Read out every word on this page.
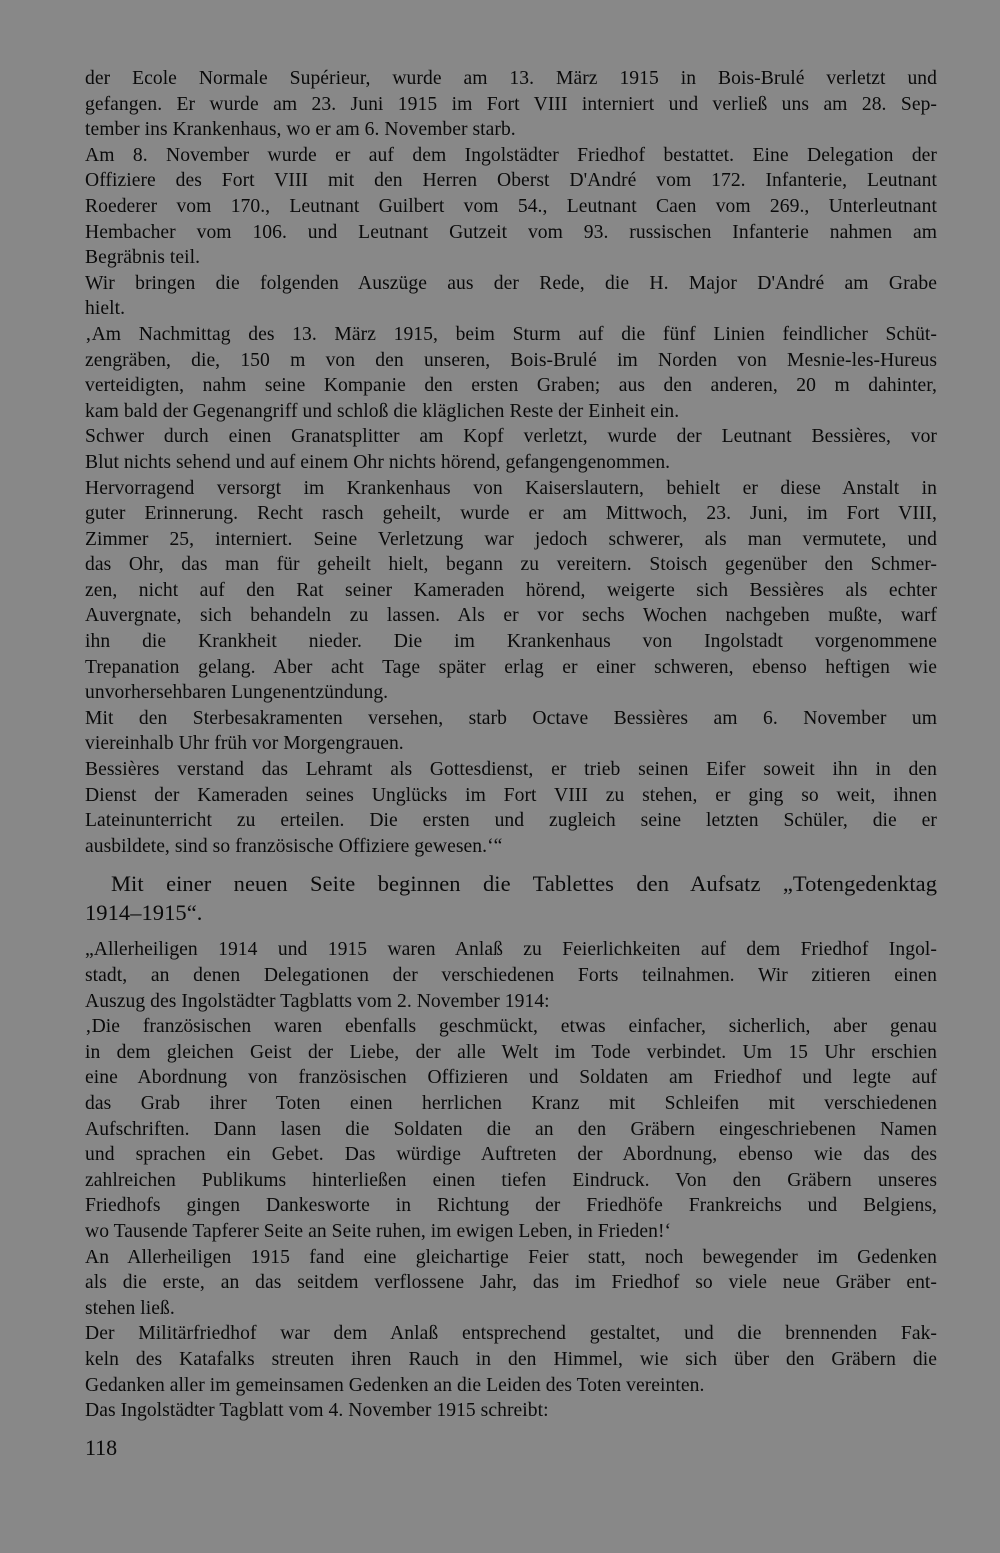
der Ecole Normale Supérieur, wurde am 13. März 1915 in Bois-Brulé verletzt und
gefangen. Er wurde am 23. Juni 1915 im Fort VIII interniert und verließ uns am 28. Sep-
tember ins Krankenhaus, wo er am 6. November starb.
Am 8. November wurde er auf dem Ingolstädter Friedhof bestattet. Eine Delegation der
Offiziere des Fort VIII mit den Herren Oberst D'André vom 172. Infanterie, Leutnant
Roederer vom 170., Leutnant Guilbert vom 54., Leutnant Caen vom 269., Unterleutnant
Hembacher vom 106. und Leutnant Gutzeit vom 93. russischen Infanterie nahmen am
Begräbnis teil.
Wir bringen die folgenden Auszüge aus der Rede, die H. Major D'André am Grabe
hielt.
‚Am Nachmittag des 13. März 1915, beim Sturm auf die fünf Linien feindlicher Schüt-
zengräben, die, 150 m von den unseren, Bois-Brulé im Norden von Mesnie-les-Hureus
verteidigten, nahm seine Kompanie den ersten Graben; aus den anderen, 20 m dahinter,
kam bald der Gegenangriff und schloß die kläglichen Reste der Einheit ein.
Schwer durch einen Granatsplitter am Kopf verletzt, wurde der Leutnant Bessières, vor
Blut nichts sehend und auf einem Ohr nichts hörend, gefangengenommen.
Hervorragend versorgt im Krankenhaus von Kaiserslautern, behielt er diese Anstalt in
guter Erinnerung. Recht rasch geheilt, wurde er am Mittwoch, 23. Juni, im Fort VIII,
Zimmer 25, interniert. Seine Verletzung war jedoch schwerer, als man vermutete, und
das Ohr, das man für geheilt hielt, begann zu vereitern. Stoisch gegenüber den Schmer-
zen, nicht auf den Rat seiner Kameraden hörend, weigerte sich Bessières als echter
Auvergnate, sich behandeln zu lassen. Als er vor sechs Wochen nachgeben mußte, warf
ihn die Krankheit nieder. Die im Krankenhaus von Ingolstadt vorgenommene
Trepanation gelang. Aber acht Tage später erlag er einer schweren, ebenso heftigen wie
unvorhersehbaren Lungenentzündung.
Mit den Sterbesakramenten versehen, starb Octave Bessières am 6. November um
viereinhalb Uhr früh vor Morgengrauen.
Bessières verstand das Lehramt als Gottesdienst, er trieb seinen Eifer soweit ihn in den
Dienst der Kameraden seines Unglücks im Fort VIII zu stehen, er ging so weit, ihnen
Lateinunterricht zu erteilen. Die ersten und zugleich seine letzten Schüler, die er
ausbildete, sind so französische Offiziere gewesen.‘“
Mit einer neuen Seite beginnen die Tablettes den Aufsatz „Totengedenktag
1914–1915“.
„Allerheiligen 1914 und 1915 waren Anlaß zu Feierlichkeiten auf dem Friedhof Ingol-
stadt, an denen Delegationen der verschiedenen Forts teilnahmen. Wir zitieren einen
Auszug des Ingolstädter Tagblatts vom 2. November 1914:
‚Die französischen waren ebenfalls geschmückt, etwas einfacher, sicherlich, aber genau
in dem gleichen Geist der Liebe, der alle Welt im Tode verbindet. Um 15 Uhr erschien
eine Abordnung von französischen Offizieren und Soldaten am Friedhof und legte auf
das Grab ihrer Toten einen herrlichen Kranz mit Schleifen mit verschiedenen
Aufschriften. Dann lasen die Soldaten die an den Gräbern eingeschriebenen Namen
und sprachen ein Gebet. Das würdige Auftreten der Abordnung, ebenso wie das des
zahlreichen Publikums hinterließen einen tiefen Eindruck. Von den Gräbern unseres
Friedhofs gingen Dankesworte in Richtung der Friedhöfe Frankreichs und Belgiens,
wo Tausende Tapferer Seite an Seite ruhen, im ewigen Leben, in Frieden!‘
An Allerheiligen 1915 fand eine gleichartige Feier statt, noch bewegender im Gedenken
als die erste, an das seitdem verflossene Jahr, das im Friedhof so viele neue Gräber ent-
stehen ließ.
Der Militärfriedhof war dem Anlaß entsprechend gestaltet, und die brennenden Fak-
keln des Katafalks streuten ihren Rauch in den Himmel, wie sich über den Gräbern die
Gedanken aller im gemeinsamen Gedenken an die Leiden des Toten vereinten.
Das Ingolstädter Tagblatt vom 4. November 1915 schreibt:
118
